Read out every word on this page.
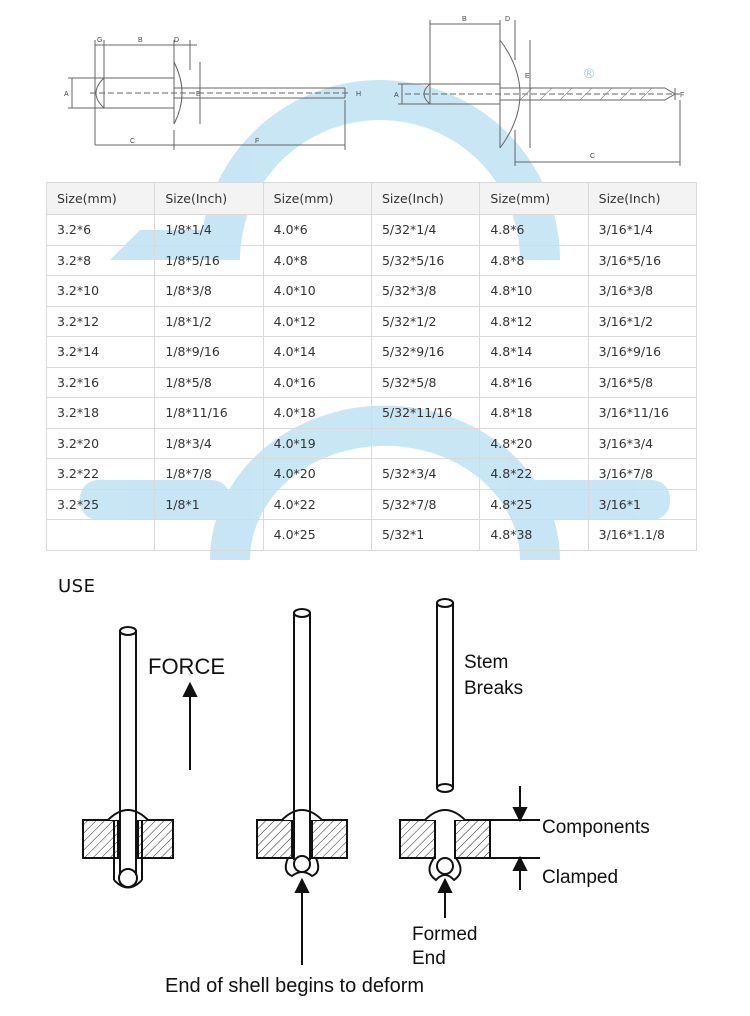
G	B	D
A	E	H
C	F
B	D
E
A	F
C
®
Size(mm)	Size(Inch)	Size(mm)	Size(Inch)	Size(mm)	Size(Inch)
3.2*6	1/8*1/4	4.0*6	5/32*1/4	4.8*6	3/16*1/4
3.2*8	1/8*5/16	4.0*8	5/32*5/16	4.8*8	3/16*5/16
3.2*10	1/8*3/8	4.0*10	5/32*3/8	4.8*10	3/16*3/8
3.2*12	1/8*1/2	4.0*12	5/32*1/2	4.8*12	3/16*1/2
3.2*14	1/8*9/16	4.0*14	5/32*9/16	4.8*14	3/16*9/16
3.2*16	1/8*5/8	4.0*16	5/32*5/8	4.8*16	3/16*5/8
3.2*18	1/8*11/16	4.0*18	5/32*11/16	4.8*18	3/16*11/16
3.2*20	1/8*3/4	4.0*19		4.8*20	3/16*3/4
3.2*22	1/8*7/8	4.0*20	5/32*3/4	4.8*22	3/16*7/8
3.2*25	1/8*1	4.0*22	5/32*7/8	4.8*25	3/16*1
		4.0*25	5/32*1	4.8*38	3/16*1.1/8
USE
FORCE
End of shell begins to deform
Stem
Breaks
Formed
End
Components
Clamped
